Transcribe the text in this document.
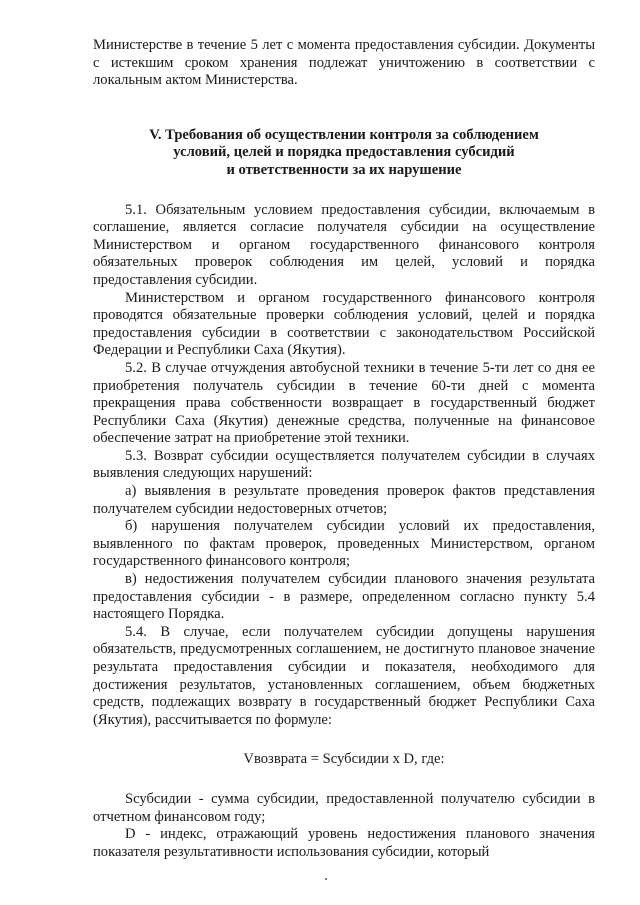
Министерстве в течение 5 лет с момента предоставления субсидии. Документы с истекшим сроком хранения подлежат уничтожению в соответствии с локальным актом Министерства.

V. Требования об осуществлении контроля за соблюдением
условий, целей и порядка предоставления субсидий
и ответственности за их нарушение

5.1. Обязательным условием предоставления субсидии, включаемым в соглашение, является согласие получателя субсидии на осуществление Министерством и органом государственного финансового контроля обязательных проверок соблюдения им целей, условий и порядка предоставления субсидии.

Министерством и органом государственного финансового контроля проводятся обязательные проверки соблюдения условий, целей и порядка предоставления субсидии в соответствии с законодательством Российской Федерации и Республики Саха (Якутия).

5.2. В случае отчуждения автобусной техники в течение 5-ти лет со дня ее приобретения получатель субсидии в течение 60-ти дней с момента прекращения права собственности возвращает в государственный бюджет Республики Саха (Якутия) денежные средства, полученные на финансовое обеспечение затрат на приобретение этой техники.

5.3. Возврат субсидии осуществляется получателем субсидии в случаях выявления следующих нарушений:

а) выявления в результате проведения проверок фактов представления получателем субсидии недостоверных отчетов;

б) нарушения получателем субсидии условий их предоставления, выявленного по фактам проверок, проведенных Министерством, органом государственного финансового контроля;

в) недостижения получателем субсидии планового значения результата предоставления субсидии - в размере, определенном согласно пункту 5.4 настоящего Порядка.

5.4. В случае, если получателем субсидии допущены нарушения обязательств, предусмотренных соглашением, не достигнуто плановое значение результата предоставления субсидии и показателя, необходимого для достижения результатов, установленных соглашением, объем бюджетных средств, подлежащих возврату в государственный бюджет Республики Саха (Якутия), рассчитывается по формуле:

Vвозврата = Sсубсидии x D, где:

Sсубсидии - сумма субсидии, предоставленной получателю субсидии в отчетном финансовом году;

D - индекс, отражающий уровень недостижения планового значения показателя результативности использования субсидии, который
